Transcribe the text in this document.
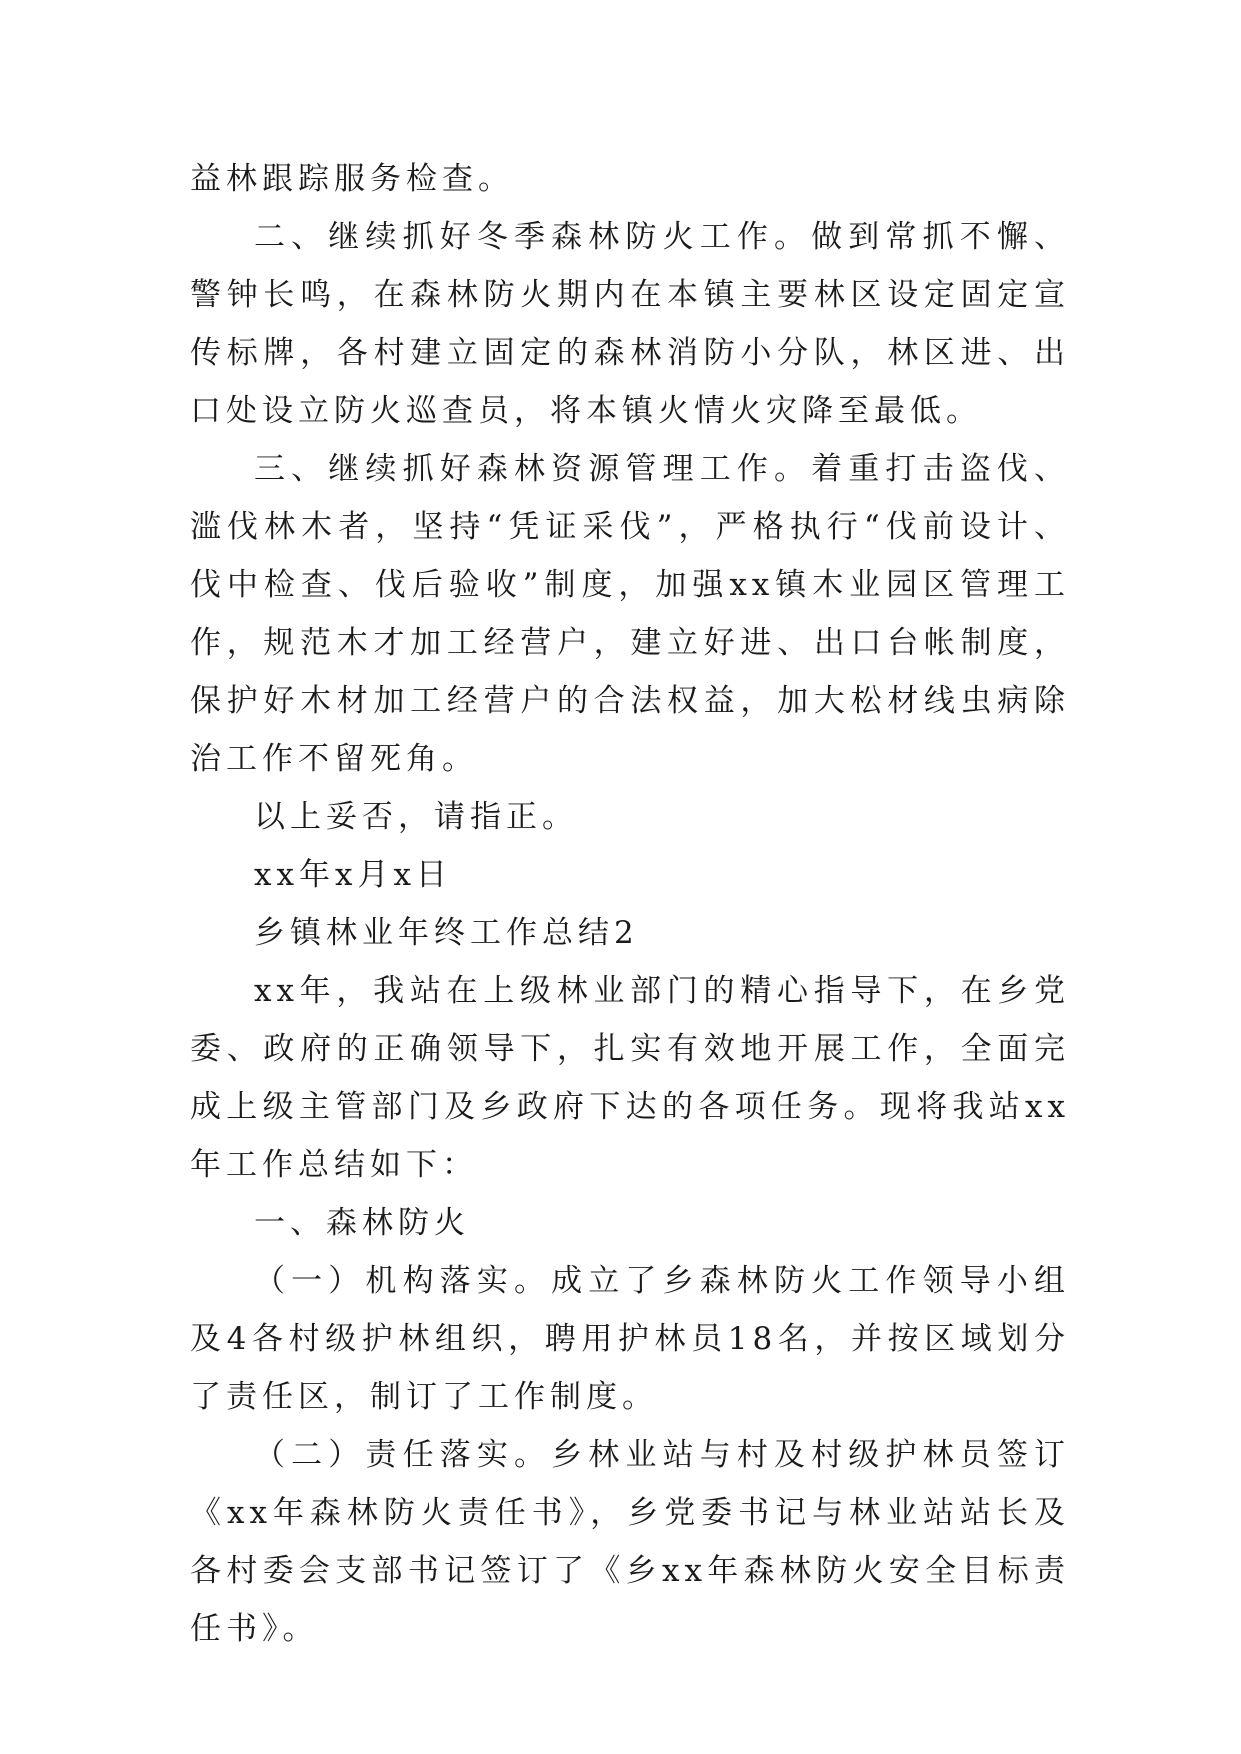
益林跟踪服务检查。

二、继续抓好冬季森林防火工作。做到常抓不懈、警钟长鸣，在森林防火期内在本镇主要林区设定固定宣传标牌，各村建立固定的森林消防小分队，林区进、出口处设立防火巡查员，将本镇火情火灾降至最低。

三、继续抓好森林资源管理工作。着重打击盗伐、滥伐林木者，坚持“凭证采伐”，严格执行“伐前设计、伐中检查、伐后验收”制度，加强xx镇木业园区管理工作，规范木才加工经营户，建立好进、出口台帐制度，保护好木材加工经营户的合法权益，加大松材线虫病除治工作不留死角。

以上妥否，请指正。

xx年x月x日

乡镇林业年终工作总结2

xx年，我站在上级林业部门的精心指导下，在乡党委、政府的正确领导下，扎实有效地开展工作，全面完成上级主管部门及乡政府下达的各项任务。现将我站xx年工作总结如下：

一、森林防火

（一）机构落实。成立了乡森林防火工作领导小组及4各村级护林组织，聘用护林员18名，并按区域划分了责任区，制订了工作制度。

（二）责任落实。乡林业站与村及村级护林员签订《xx年森林防火责任书》，乡党委书记与林业站站长及各村委会支部书记签订了《乡xx年森林防火安全目标责任书》。
